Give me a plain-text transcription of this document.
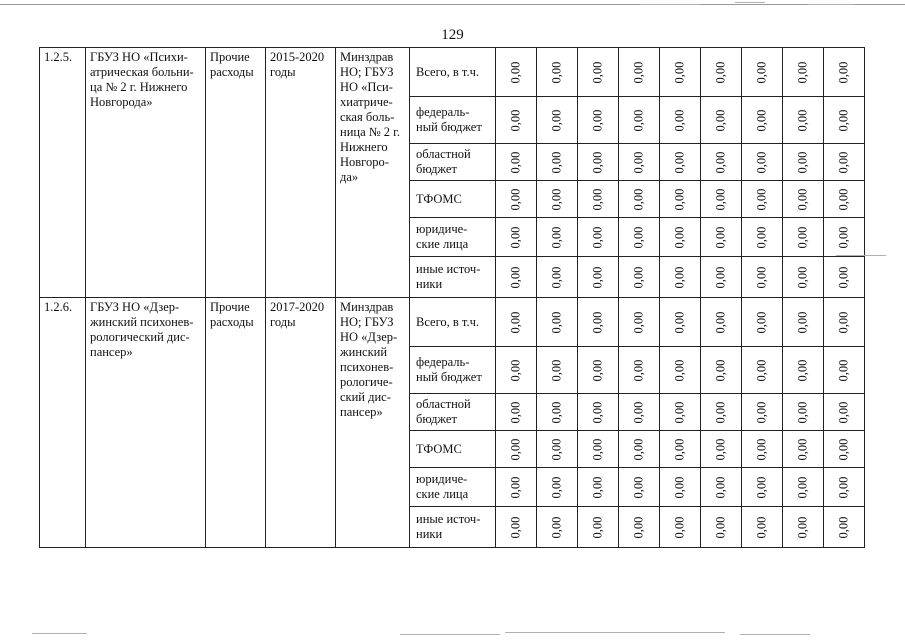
129
1.2.5.	ГБУЗ НО «Психи-атрическая больни-ца № 2 г. Нижнего Новгорода»	Прочие расходы	2015-2020 годы	Минздрав НО; ГБУЗ НО «Пси-хиатриче-ская боль-ница № 2 г. Нижнего Новгоро-да»	Всего, в т.ч.	0,00	0,00	0,00	0,00	0,00	0,00	0,00	0,00	0,00
					федераль-ный бюджет	0,00	0,00	0,00	0,00	0,00	0,00	0,00	0,00	0,00
					областной бюджет	0,00	0,00	0,00	0,00	0,00	0,00	0,00	0,00	0,00
					ТФОМС	0,00	0,00	0,00	0,00	0,00	0,00	0,00	0,00	0,00
					юридиче-ские лица	0,00	0,00	0,00	0,00	0,00	0,00	0,00	0,00	0,00
					иные источ-ники	0,00	0,00	0,00	0,00	0,00	0,00	0,00	0,00	0,00
1.2.6.	ГБУЗ НО «Дзер-жинский психонев-рологический дис-пансер»	Прочие расходы	2017-2020 годы	Минздрав НО; ГБУЗ НО «Дзер-жинский психонев-рологиче-ский дис-пансер»	Всего, в т.ч.	0,00	0,00	0,00	0,00	0,00	0,00	0,00	0,00	0,00
					федераль-ный бюджет	0,00	0,00	0,00	0,00	0,00	0,00	0,00	0,00	0,00
					областной бюджет	0,00	0,00	0,00	0,00	0,00	0,00	0,00	0,00	0,00
					ТФОМС	0,00	0,00	0,00	0,00	0,00	0,00	0,00	0,00	0,00
					юридиче-ские лица	0,00	0,00	0,00	0,00	0,00	0,00	0,00	0,00	0,00
					иные источ-ники	0,00	0,00	0,00	0,00	0,00	0,00	0,00	0,00	0,00
